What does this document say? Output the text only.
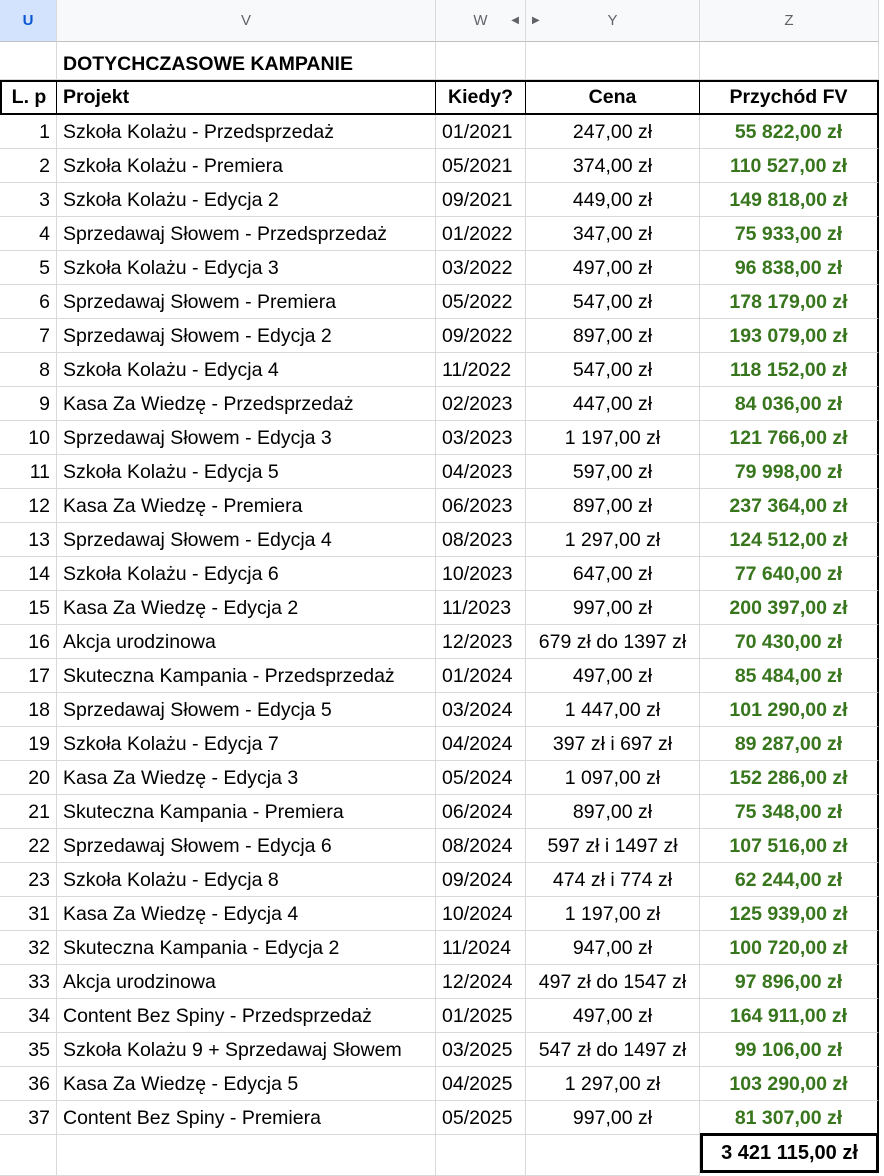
U	V	W ◀ ▶	Y	Z
DOTYCHCZASOWE KAMPANIE
L. p Projekt	Kiedy?	Cena	Przychód FV
1 Szkoła Kolażu - Przedsprzedaż	01/2021	247,00 zł	55 822,00 zł
2 Szkoła Kolażu - Premiera	05/2021	374,00 zł	110 527,00 zł
3 Szkoła Kolażu - Edycja 2	09/2021	449,00 zł	149 818,00 zł
4 Sprzedawaj Słowem - Przedsprzedaż	01/2022	347,00 zł	75 933,00 zł
5 Szkoła Kolażu - Edycja 3	03/2022	497,00 zł	96 838,00 zł
6 Sprzedawaj Słowem - Premiera	05/2022	547,00 zł	178 179,00 zł
7 Sprzedawaj Słowem - Edycja 2	09/2022	897,00 zł	193 079,00 zł
8 Szkoła Kolażu - Edycja 4	11/2022	547,00 zł	118 152,00 zł
9 Kasa Za Wiedzę - Przedsprzedaż	02/2023	447,00 zł	84 036,00 zł
10 Sprzedawaj Słowem - Edycja 3	03/2023	1 197,00 zł	121 766,00 zł
11 Szkoła Kolażu - Edycja 5	04/2023	597,00 zł	79 998,00 zł
12 Kasa Za Wiedzę - Premiera	06/2023	897,00 zł	237 364,00 zł
13 Sprzedawaj Słowem - Edycja 4	08/2023	1 297,00 zł	124 512,00 zł
14 Szkoła Kolażu - Edycja 6	10/2023	647,00 zł	77 640,00 zł
15 Kasa Za Wiedzę - Edycja 2	11/2023	997,00 zł	200 397,00 zł
16 Akcja urodzinowa	12/2023	679 zł do 1397 zł	70 430,00 zł
17 Skuteczna Kampania - Przedsprzedaż	01/2024	497,00 zł	85 484,00 zł
18 Sprzedawaj Słowem - Edycja 5	03/2024	1 447,00 zł	101 290,00 zł
19 Szkoła Kolażu - Edycja 7	04/2024	397 zł i 697 zł	89 287,00 zł
20 Kasa Za Wiedzę - Edycja 3	05/2024	1 097,00 zł	152 286,00 zł
21 Skuteczna Kampania - Premiera	06/2024	897,00 zł	75 348,00 zł
22 Sprzedawaj Słowem - Edycja 6	08/2024	597 zł i 1497 zł	107 516,00 zł
23 Szkoła Kolażu - Edycja 8	09/2024	474 zł i 774 zł	62 244,00 zł
31 Kasa Za Wiedzę - Edycja 4	10/2024	1 197,00 zł	125 939,00 zł
32 Skuteczna Kampania - Edycja 2	11/2024	947,00 zł	100 720,00 zł
33 Akcja urodzinowa	12/2024	497 zł do 1547 zł	97 896,00 zł
34 Content Bez Spiny - Przedsprzedaż	01/2025	497,00 zł	164 911,00 zł
35 Szkoła Kolażu 9 + Sprzedawaj Słowem	03/2025	547 zł do 1497 zł	99 106,00 zł
36 Kasa Za Wiedzę - Edycja 5	04/2025	1 297,00 zł	103 290,00 zł
37 Content Bez Spiny - Premiera	05/2025	997,00 zł	81 307,00 zł
3 421 115,00 zł
